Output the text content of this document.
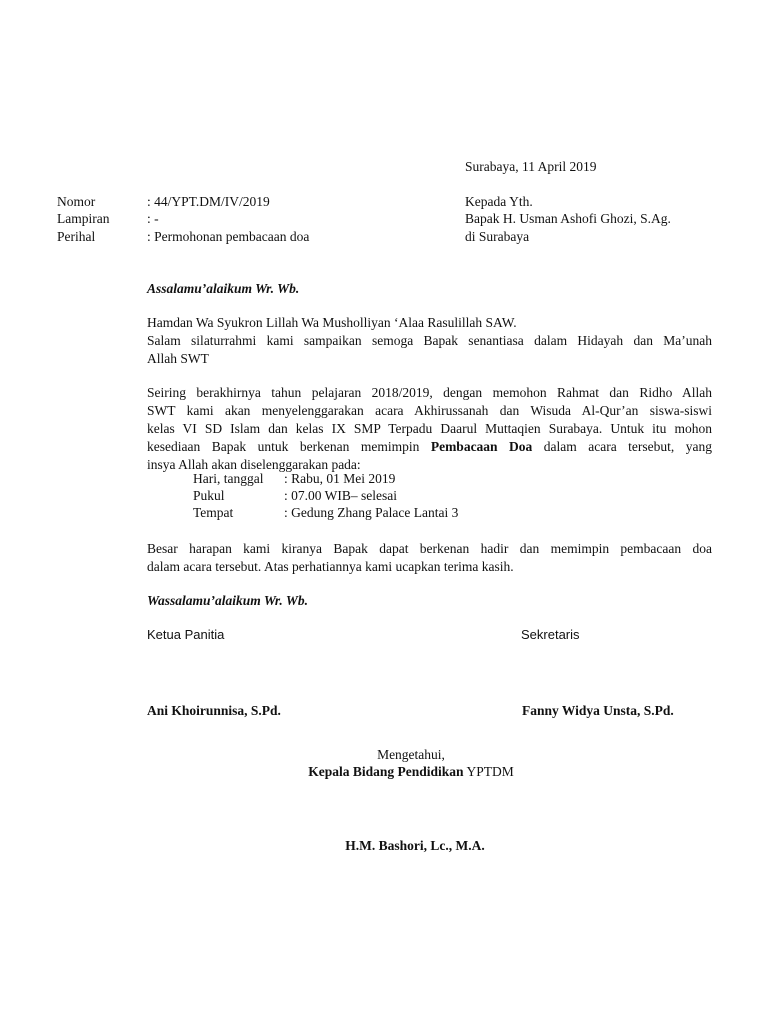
Surabaya, 11 April 2019
Nomor	: 44/YPT.DM/IV/2019
Lampiran	: -
Perihal	: Permohonan pembacaan doa
Kepada Yth.
Bapak H. Usman Ashofi Ghozi, S.Ag.
di Surabaya
Assalamu’alaikum Wr. Wb.
Hamdan Wa Syukron Lillah Wa Musholliyan ‘Alaa Rasulillah SAW.
Salam silaturrahmi kami sampaikan semoga Bapak senantiasa dalam Hidayah dan Ma’unah
Allah SWT
Seiring berakhirnya tahun pelajaran 2018/2019, dengan memohon Rahmat dan Ridho Allah
SWT kami akan menyelenggarakan acara Akhirussanah dan Wisuda Al-Qur’an siswa-siswi
kelas VI SD Islam dan kelas IX SMP Terpadu Daarul Muttaqien Surabaya. Untuk itu mohon
kesediaan Bapak untuk berkenan memimpin Pembacaan Doa dalam acara tersebut, yang
insya Allah akan diselenggarakan pada:
Hari, tanggal : Rabu, 01 Mei 2019
Pukul	: 07.00 WIB– selesai
Tempat	: Gedung Zhang Palace Lantai 3
Besar harapan kami kiranya Bapak dapat berkenan hadir dan memimpin pembacaan doa
dalam acara tersebut. Atas perhatiannya kami ucapkan terima kasih.
Wassalamu’alaikum Wr. Wb.
Ketua Panitia	Sekretaris
Ani Khoirunnisa, S.Pd.	Fanny Widya Unsta, S.Pd.
Mengetahui,
Kepala Bidang Pendidikan YPTDM
H.M. Bashori, Lc., M.A.
